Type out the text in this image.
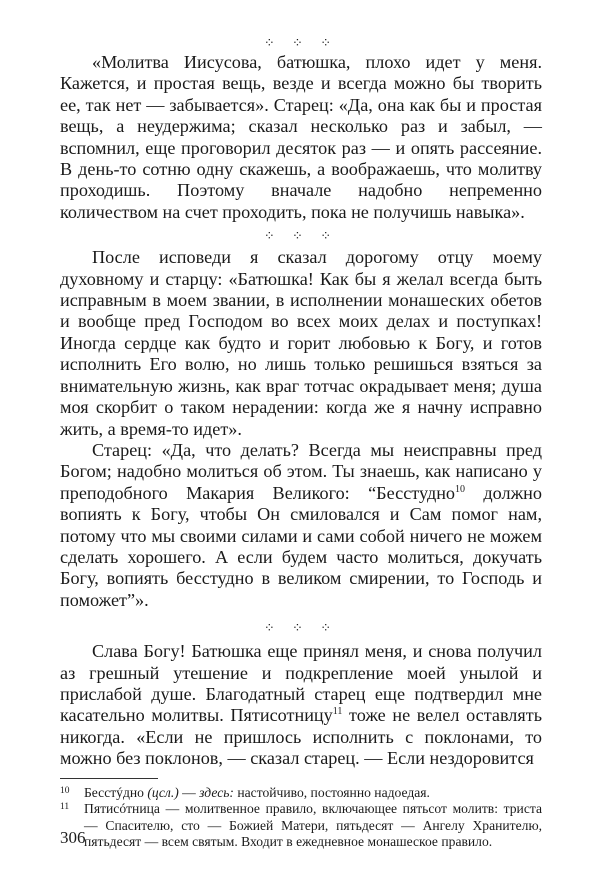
⁘ ⁘ ⁘

«Молитва Иисусова, батюшка, плохо идет у меня. Кажется, и простая вещь, везде и всегда можно бы творить ее, так нет — забывается». Старец: «Да, она как бы и простая вещь, а неудержима; сказал несколько раз и забыл, — вспомнил, еще проговорил десяток раз — и опять рассеяние. В день-то сотню одну скажешь, а воображаешь, что молитву проходишь. Поэтому вначале надобно непременно количеством на счет проходить, пока не получишь навыка».

⁘ ⁘ ⁘

После исповеди я сказал дорогому отцу моему духовному и старцу: «Батюшка! Как бы я желал всегда быть исправным в моем звании, в исполнении монашеских обетов и вообще пред Господом во всех моих делах и поступках! Иногда сердце как будто и горит любовью к Богу, и готов исполнить Его волю, но лишь только решишься взяться за внимательную жизнь, как враг тотчас окрадывает меня; душа моя скорбит о таком нерадении: когда же я начну исправно жить, а время-то идет».

Старец: «Да, что делать? Всегда мы неисправны пред Богом; надобно молиться об этом. Ты знаешь, как написано у преподобного Макария Великого: “Бесстудно$^{10}$ должно вопиять к Богу, чтобы Он смиловался и Сам помог нам, потому что мы своими силами и сами собой ничего не можем сделать хорошего. А если будем часто молиться, докучать Богу, вопиять бесстудно в великом смирении, то Господь и поможет”».

⁘ ⁘ ⁘

Слава Богу! Батюшка еще принял меня, и снова получил аз грешный утешение и подкрепление моей унылой и прислабой душе. Благодатный старец еще подтвердил мне касательно молитвы. Пятисотницу$^{11}$ тоже не велел оставлять никогда. «Если не пришлось исполнить с поклонами, то можно без поклонов, — сказал старец. — Если нездоровится

10 Бесстýдно (цсл.) — здесь: настойчиво, постоянно надоедая.

11 Пятисóтница — молитвенное правило, включающее пятьсот молитв: триста — Спасителю, сто — Божией Матери, пятьдесят — Ангелу Хранителю, пятьдесят — всем святым. Входит в ежедневное монашеское правило.

306
